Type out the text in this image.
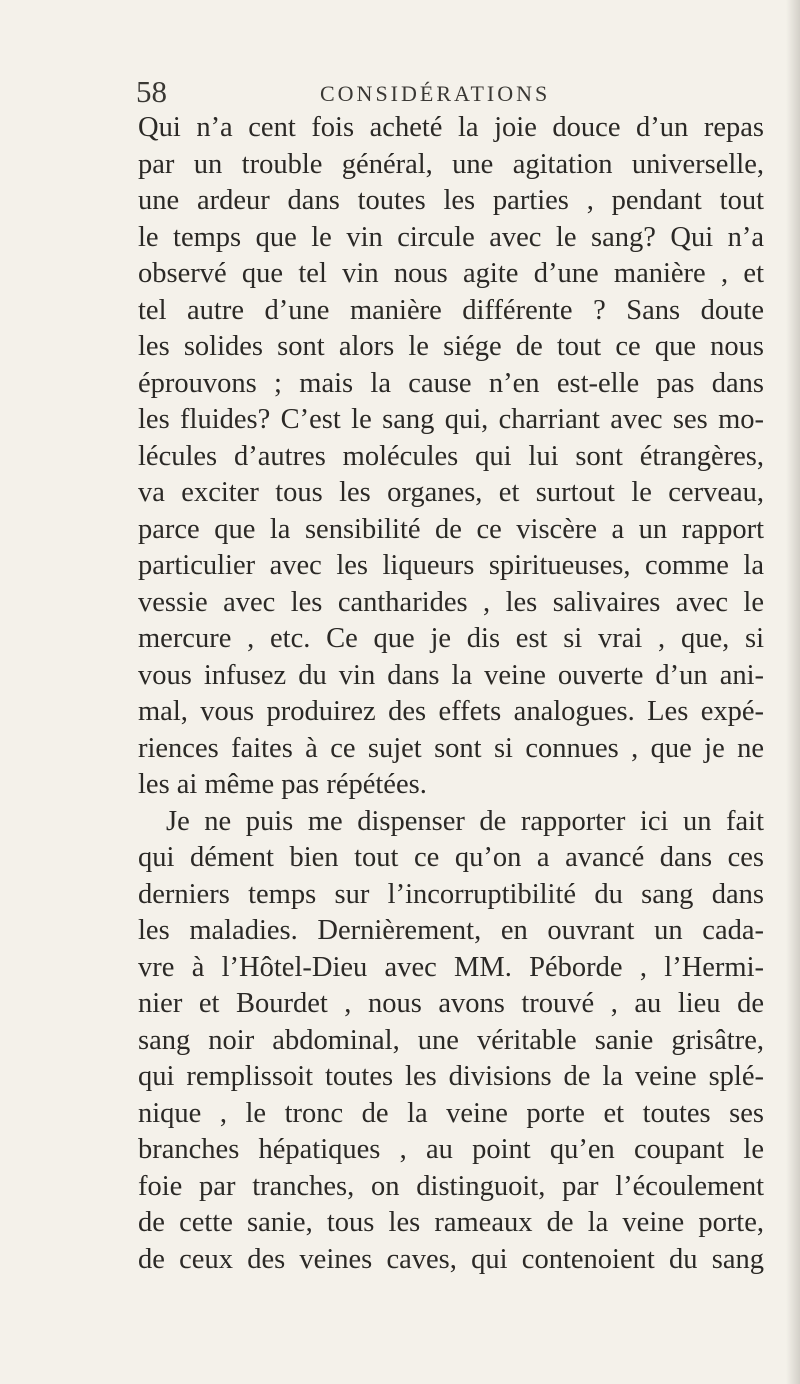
58	CONSIDÉRATIONS
Qui n’a cent fois acheté la joie douce d’un repas
par un trouble général, une agitation universelle,
une ardeur dans toutes les parties , pendant tout
le temps que le vin circule avec le sang? Qui n’a
observé que tel vin nous agite d’une manière , et
tel autre d’une manière différente ? Sans doute
les solides sont alors le siége de tout ce que nous
éprouvons ; mais la cause n’en est-elle pas dans
les fluides? C’est le sang qui, charriant avec ses mo-
lécules d’autres molécules qui lui sont étrangères,
va exciter tous les organes, et surtout le cerveau,
parce que la sensibilité de ce viscère a un rapport
particulier avec les liqueurs spiritueuses, comme la
vessie avec les cantharides , les salivaires avec le
mercure , etc. Ce que je dis est si vrai , que, si
vous infusez du vin dans la veine ouverte d’un ani-
mal, vous produirez des effets analogues. Les expé-
riences faites à ce sujet sont si connues , que je ne
les ai même pas répétées.
Je ne puis me dispenser de rapporter ici un fait
qui dément bien tout ce qu’on a avancé dans ces
derniers temps sur l’incorruptibilité du sang dans
les maladies. Dernièrement, en ouvrant un cada-
vre à l’Hôtel-Dieu avec MM. Péborde , l’Hermi-
nier et Bourdet , nous avons trouvé , au lieu de
sang noir abdominal, une véritable sanie grisâtre,
qui remplissoit toutes les divisions de la veine splé-
nique , le tronc de la veine porte et toutes ses
branches hépatiques , au point qu’en coupant le
foie par tranches, on distinguoit, par l’écoulement
de cette sanie, tous les rameaux de la veine porte,
de ceux des veines caves, qui contenoient du sang
